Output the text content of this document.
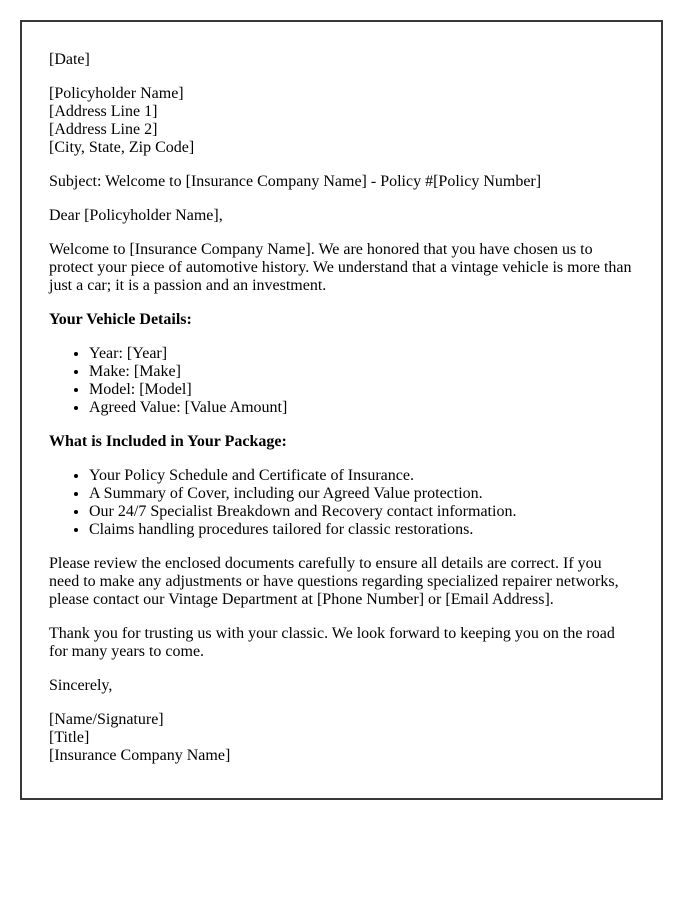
[Date]

[Policyholder Name]
[Address Line 1]
[Address Line 2]
[City, State, Zip Code]

Subject: Welcome to [Insurance Company Name] - Policy #[Policy Number]

Dear [Policyholder Name],

Welcome to [Insurance Company Name]. We are honored that you have chosen us to protect your piece of automotive history. We understand that a vintage vehicle is more than just a car; it is a passion and an investment.

Your Vehicle Details:

• Year: [Year]
• Make: [Make]
• Model: [Model]
• Agreed Value: [Value Amount]

What is Included in Your Package:

• Your Policy Schedule and Certificate of Insurance.
• A Summary of Cover, including our Agreed Value protection.
• Our 24/7 Specialist Breakdown and Recovery contact information.
• Claims handling procedures tailored for classic restorations.

Please review the enclosed documents carefully to ensure all details are correct. If you need to make any adjustments or have questions regarding specialized repairer networks, please contact our Vintage Department at [Phone Number] or [Email Address].

Thank you for trusting us with your classic. We look forward to keeping you on the road for many years to come.

Sincerely,

[Name/Signature]
[Title]
[Insurance Company Name]
